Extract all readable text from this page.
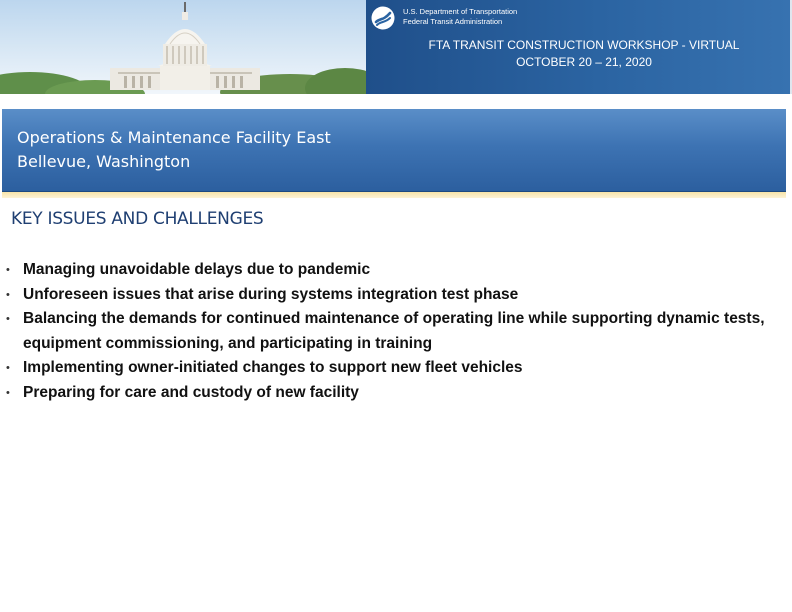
U.S. Department of Transportation
Federal Transit Administration
FTA TRANSIT CONSTRUCTION WORKSHOP - VIRTUAL
OCTOBER 20 – 21, 2020
Operations & Maintenance Facility East
Bellevue, Washington
KEY ISSUES AND CHALLENGES
• Managing unavoidable delays due to pandemic
• Unforeseen issues that arise during systems integration test phase
• Balancing the demands for continued maintenance of operating line while supporting dynamic tests, equipment commissioning, and participating in training
• Implementing owner-initiated changes to support new fleet vehicles
• Preparing for care and custody of new facility
